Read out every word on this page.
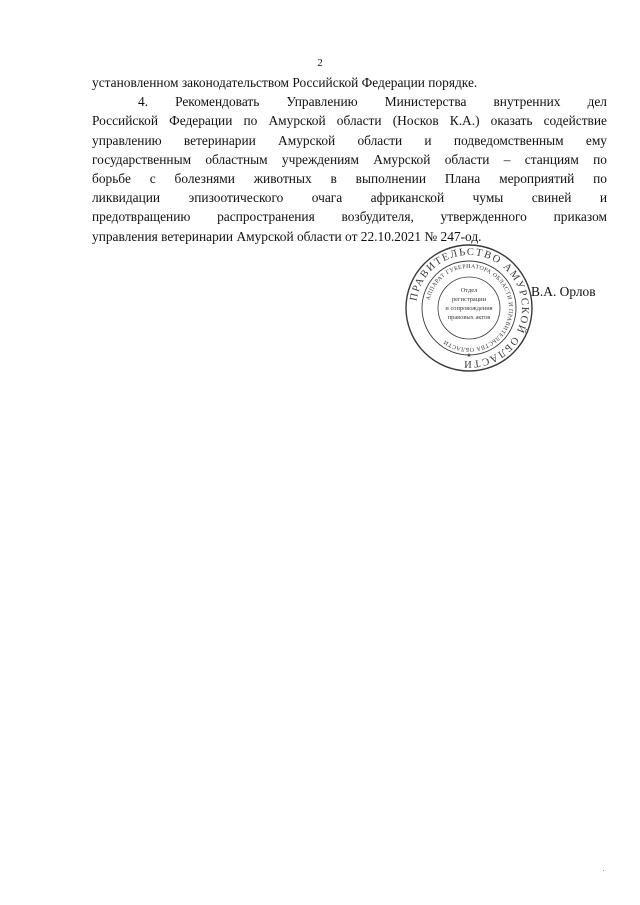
2
установленном законодательством Российской Федерации порядке.
4. Рекомендовать Управлению Министерства внутренних дел
Российской Федерации по Амурской области (Носков К.А.) оказать содействие
управлению ветеринарии Амурской области и подведомственным ему
государственным областным учреждениям Амурской области – станциям по
борьбе с болезнями животных в выполнении Плана мероприятий по
ликвидации эпизоотического очага африканской чумы свиней и
предотвращению распространения возбудителя, утвержденного приказом
управления ветеринарии Амурской области от 22.10.2021 № 247-од.
ПРАВИТЕЛЬСТВО АМУРСКОЙ ОБЛАСТИ
АППАРАТ ГУБЕРНАТОРА ОБЛАСТИ И ПРАВИТЕЛЬСТВА ОБЛАСТИ
Отдел
регистрации
и сопровождения
правовых актов
★
В.А. Орлов
